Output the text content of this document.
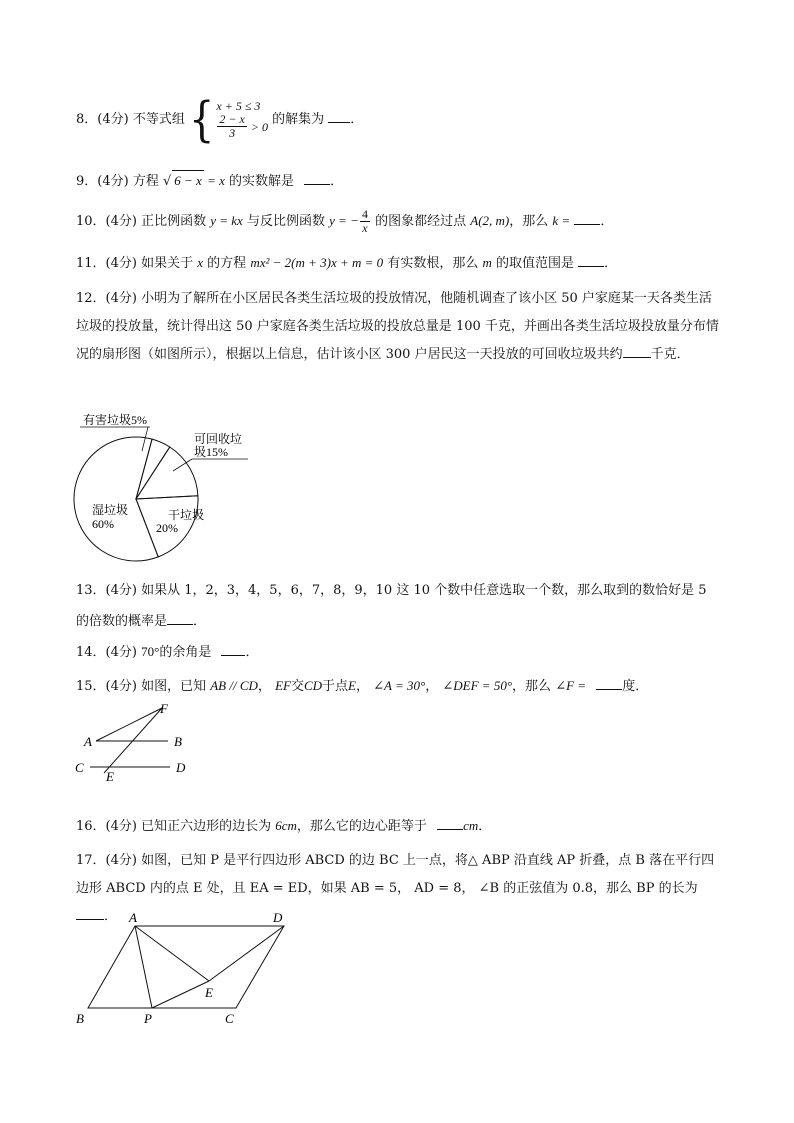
8．(4分) 不等式组 { x + 5 ≤ 3
$\frac{2 - x}{3} > 0$ 的解集为 ．
9．(4分) 方程 √ 6 − x = x 的实数解是	．
10．(4分) 正比例函数 y = kx 与反比例函数 y = − $\frac{4}{x}$ 的图象都经过点 A(2, m)，那么 k = ．
11．(4分) 如果关于 x 的方程 mx² − 2(m + 3)x + m = 0 有实数根，那么 m 的取值范围是 ．
12．(4分) 小明为了解所在小区居民各类生活垃圾的投放情况，他随机调查了该小区 50 户家庭某一天各类生活垃圾的投放量，统计得出这 50 户家庭各类生活垃圾的投放总量是 100 千克，并画出各类生活垃圾投放量分布情况的扇形图（如图所示），根据以上信息，估计该小区 300 户居民这一天投放的可回收垃圾共约 千克．
有害垃圾5%
可回收垃
圾15%
干垃圾
20%
湿垃圾
60%
13．(4分) 如果从 1，2，3，4，5，6，7，8，9，10 这 10 个数中任意选取一个数，那么取到的数恰好是 5
的倍数的概率是 ．
14．(4分) 70°的余角是	．
15．(4分) 如图，已知 AB // CD， EF交CD于点E， ∠A = 30°， ∠DEF = 50°，那么 ∠F =	度．
A	B
C	D
E
F
16．(4分) 已知正六边形的边长为 6cm，那么它的边心距等于	cm．
17．(4分) 如图，已知 P 是平行四边形 ABCD 的边 BC 上一点，将△ ABP 沿直线 AP 折叠，点 B 落在平行四边形 ABCD 内的点 E 处，且 EA = ED，如果 AB = 5， AD = 8， ∠B 的正弦值为 0.8，那么 BP 的长为． A	D
B	P	C
E
